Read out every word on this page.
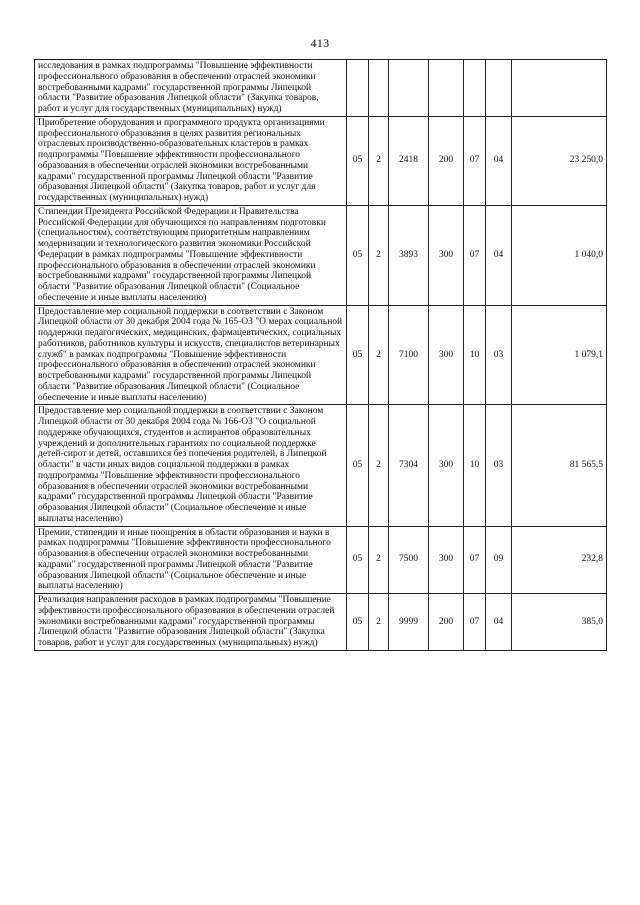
413
исследования в рамках подпрограммы "Повышение эффективности профессионального образования в обеспечении отраслей экономики востребованными кадрами" государственной программы Липецкой области "Развитие образования Липецкой области" (Закупка товаров, работ и услуг для государственных (муниципальных) нужд)							
Приобретение оборудования и программного продукта организациями профессионального образования в целях развития региональных отраслевых производственно-образовательных кластеров в рамках подпрограммы "Повышение эффективности профессионального образования в обеспечении отраслей экономики востребованными кадрами" государственной программы Липецкой области "Развитие образования Липецкой области" (Закупка товаров, работ и услуг для государственных (муниципальных) нужд)	05	2	2418	200	07	04	23 250,0
Стипендии Президента Российской Федерации и Правительства Российской Федерации для обучающихся по направлениям подготовки (специальностям), соответствующим приоритетным направлениям модернизации и технологического развития экономики Российской Федерации в рамках подпрограммы "Повышение эффективности профессионального образования в обеспечении отраслей экономики востребованными кадрами" государственной программы Липецкой области "Развитие образования Липецкой области" (Социальное обеспечение и иные выплаты населению)	05	2	3893	300	07	04	1 040,0
Предоставление мер социальной поддержки в соответствии с Законом Липецкой области от 30 декабря 2004 года № 165-ОЗ "О мерах социальной поддержки педагогических, медицинских, фармацевтических, социальных работников, работников культуры и искусств, специалистов ветеринарных служб" в рамках подпрограммы "Повышение эффективности профессионального образования в обеспечении отраслей экономики востребованными кадрами" государственной программы Липецкой области "Развитие образования Липецкой области" (Социальное обеспечение и иные выплаты населению)	05	2	7100	300	10	03	1 079,1
Предоставление мер социальной поддержки в соответствии с Законом Липецкой области от 30 декабря 2004 года № 166-ОЗ "О социальной поддержке обучающихся, студентов и аспирантов образовательных учреждений и дополнительных гарантиях по социальной поддержке детей-сирот и детей, оставшихся без попечения родителей, в Липецкой области" в части иных видов социальной поддержки в рамках подпрограммы "Повышение эффективности профессионального образования в обеспечении отраслей экономики востребованными кадрами" государственной программы Липецкой области "Развитие образования Липецкой области" (Социальное обеспечение и иные выплаты населению)	05	2	7304	300	10	03	81 565,5
Премии, стипендии и иные поощрения в области образования и науки в рамках подпрограммы "Повышение эффективности профессионального образования в обеспечении отраслей экономики востребованными кадрами" государственной программы Липецкой области "Развитие образования Липецкой области" (Социальное обеспечение и иные выплаты населению)	05	2	7500	300	07	09	232,8
Реализация направления расходов в рамках подпрограммы "Повышение эффективности профессионального образования в обеспечении отраслей экономики востребованными кадрами" государственной программы Липецкой области "Развитие образования Липецкой области" (Закупка товаров, работ и услуг для государственных (муниципальных) нужд)	05	2	9999	200	07	04	385,0
